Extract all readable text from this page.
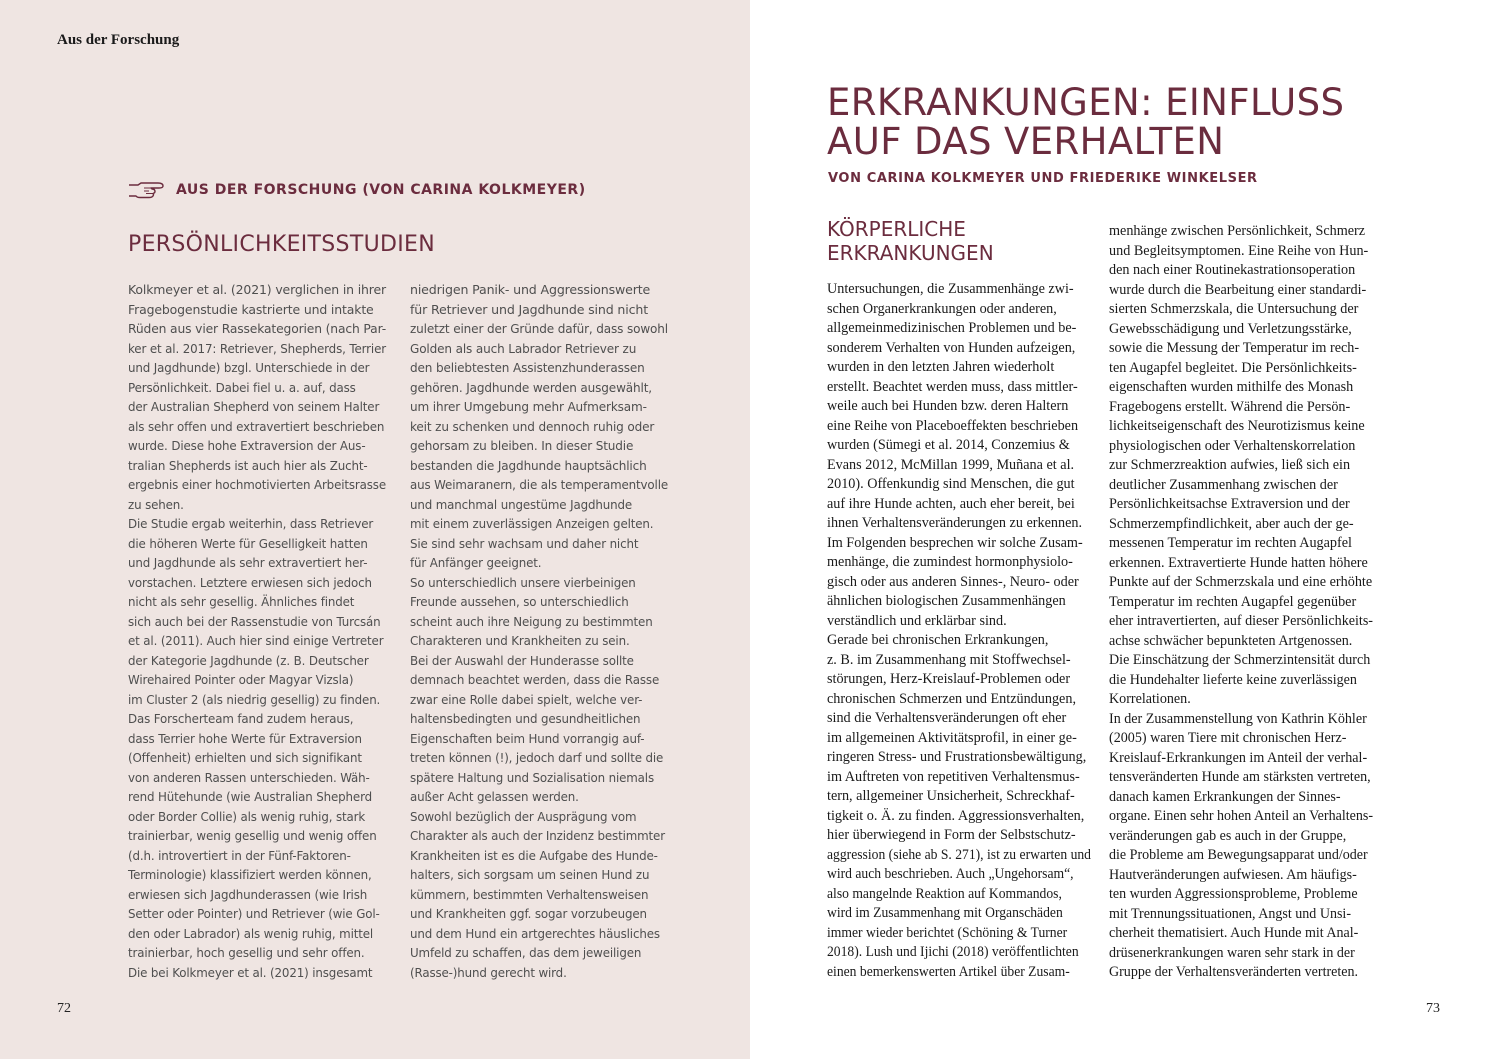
Aus der Forschung
AUS DER FORSCHUNG (VON CARINA KOLKMEYER)
PERSÖNLICHKEITSSTUDIEN
Kolkmeyer et al. (2021) verglichen in ihrer
Fragebogenstudie kastrierte und intakte
Rüden aus vier Rassekategorien (nach Par-
ker et al. 2017: Retriever, Shepherds, Terrier
und Jagdhunde) bzgl. Unterschiede in der
Persönlichkeit. Dabei fiel u. a. auf, dass
der Australian Shepherd von seinem Halter
als sehr offen und extravertiert beschrieben
wurde. Diese hohe Extraversion der Aus-
tralian Shepherds ist auch hier als Zucht-
ergebnis einer hochmotivierten Arbeitsrasse
zu sehen.
Die Studie ergab weiterhin, dass Retriever
die höheren Werte für Geselligkeit hatten
und Jagdhunde als sehr extravertiert her-
vorstachen. Letztere erwiesen sich jedoch
nicht als sehr gesellig. Ähnliches findet
sich auch bei der Rassenstudie von Turcsán
et al. (2011). Auch hier sind einige Vertreter
der Kategorie Jagdhunde (z. B. Deutscher
Wirehaired Pointer oder Magyar Vizsla)
im Cluster 2 (als niedrig gesellig) zu finden.
Das Forscherteam fand zudem heraus,
dass Terrier hohe Werte für Extraversion
(Offenheit) erhielten und sich signifikant
von anderen Rassen unterschieden. Wäh-
rend Hütehunde (wie Australian Shepherd
oder Border Collie) als wenig ruhig, stark
trainierbar, wenig gesellig und wenig offen
(d.h. introvertiert in der Fünf-Faktoren-
Terminologie) klassifiziert werden können,
erwiesen sich Jagdhunderassen (wie Irish
Setter oder Pointer) und Retriever (wie Gol-
den oder Labrador) als wenig ruhig, mittel
trainierbar, hoch gesellig und sehr offen.
Die bei Kolkmeyer et al. (2021) insgesamt
niedrigen Panik- und Aggressionswerte
für Retriever und Jagdhunde sind nicht
zuletzt einer der Gründe dafür, dass sowohl
Golden als auch Labrador Retriever zu
den beliebtesten Assistenzhunderassen
gehören. Jagdhunde werden ausgewählt,
um ihrer Umgebung mehr Aufmerksam-
keit zu schenken und dennoch ruhig oder
gehorsam zu bleiben. In dieser Studie
bestanden die Jagdhunde hauptsächlich
aus Weimaranern, die als temperamentvolle
und manchmal ungestüme Jagdhunde
mit einem zuverlässigen Anzeigen gelten.
Sie sind sehr wachsam und daher nicht
für Anfänger geeignet.
So unterschiedlich unsere vierbeinigen
Freunde aussehen, so unterschiedlich
scheint auch ihre Neigung zu bestimmten
Charakteren und Krankheiten zu sein.
Bei der Auswahl der Hunderasse sollte
demnach beachtet werden, dass die Rasse
zwar eine Rolle dabei spielt, welche ver-
haltensbedingten und gesundheitlichen
Eigenschaften beim Hund vorrangig auf-
treten können (!), jedoch darf und sollte die
spätere Haltung und Sozialisation niemals
außer Acht gelassen werden.
Sowohl bezüglich der Ausprägung vom
Charakter als auch der Inzidenz bestimmter
Krankheiten ist es die Aufgabe des Hunde-
halters, sich sorgsam um seinen Hund zu
kümmern, bestimmten Verhaltensweisen
und Krankheiten ggf. sogar vorzubeugen
und dem Hund ein artgerechtes häusliches
Umfeld zu schaffen, das dem jeweiligen
(Rasse-)hund gerecht wird.
72
ERKRANKUNGEN: EINFLUSS
AUF DAS VERHALTEN
VON CARINA KOLKMEYER UND FRIEDERIKE WINKELSER
KÖRPERLICHE
ERKRANKUNGEN
Untersuchungen, die Zusammenhänge zwi-
schen Organerkrankungen oder anderen,
allgemeinmedizinischen Problemen und be-
sonderem Verhalten von Hunden aufzeigen,
wurden in den letzten Jahren wiederholt
erstellt. Beachtet werden muss, dass mittler-
weile auch bei Hunden bzw. deren Haltern
eine Reihe von Placeboeffekten beschrieben
wurden (Sümegi et al. 2014, Conzemius &
Evans 2012, McMillan 1999, Muñana et al.
2010). Offenkundig sind Menschen, die gut
auf ihre Hunde achten, auch eher bereit, bei
ihnen Verhaltensveränderungen zu erkennen.
Im Folgenden besprechen wir solche Zusam-
menhänge, die zumindest hormonphysiolo-
gisch oder aus anderen Sinnes-, Neuro- oder
ähnlichen biologischen Zusammenhängen
verständlich und erklärbar sind.
Gerade bei chronischen Erkrankungen,
z. B. im Zusammenhang mit Stoffwechsel-
störungen, Herz-Kreislauf-Problemen oder
chronischen Schmerzen und Entzündungen,
sind die Verhaltensveränderungen oft eher
im allgemeinen Aktivitätsprofil, in einer ge-
ringeren Stress- und Frustrationsbewältigung,
im Auftreten von repetitiven Verhaltensmus-
tern, allgemeiner Unsicherheit, Schreckhaf-
tigkeit o. Ä. zu finden. Aggressionsverhalten,
hier überwiegend in Form der Selbstschutz-
aggression (siehe ab S. 271), ist zu erwarten und
wird auch beschrieben. Auch „Ungehorsam“,
also mangelnde Reaktion auf Kommandos,
wird im Zusammenhang mit Organschäden
immer wieder berichtet (Schöning & Turner
2018). Lush und Ijichi (2018) veröffentlichten
einen bemerkenswerten Artikel über Zusam-
menhänge zwischen Persönlichkeit, Schmerz
und Begleitsymptomen. Eine Reihe von Hun-
den nach einer Routinekastrationsoperation
wurde durch die Bearbeitung einer standardi-
sierten Schmerzskala, die Untersuchung der
Gewebsschädigung und Verletzungsstärke,
sowie die Messung der Temperatur im rech-
ten Augapfel begleitet. Die Persönlichkeits-
eigenschaften wurden mithilfe des Monash
Fragebogens erstellt. Während die Persön-
lichkeitseigenschaft des Neurotizismus keine
physiologischen oder Verhaltenskorrelation
zur Schmerzreaktion aufwies, ließ sich ein
deutlicher Zusammenhang zwischen der
Persönlichkeitsachse Extraversion und der
Schmerzempfindlichkeit, aber auch der ge-
messenen Temperatur im rechten Augapfel
erkennen. Extravertierte Hunde hatten höhere
Punkte auf der Schmerzskala und eine erhöhte
Temperatur im rechten Augapfel gegenüber
eher intravertierten, auf dieser Persönlichkeits-
achse schwächer bepunkteten Artgenossen.
Die Einschätzung der Schmerzintensität durch
die Hundehalter lieferte keine zuverlässigen
Korrelationen.
In der Zusammenstellung von Kathrin Köhler
(2005) waren Tiere mit chronischen Herz-
Kreislauf-Erkrankungen im Anteil der verhal-
tensveränderten Hunde am stärksten vertreten,
danach kamen Erkrankungen der Sinnes-
organe. Einen sehr hohen Anteil an Verhaltens-
veränderungen gab es auch in der Gruppe,
die Probleme am Bewegungsapparat und/oder
Hautveränderungen aufwiesen. Am häufigs-
ten wurden Aggressionsprobleme, Probleme
mit Trennungssituationen, Angst und Unsi-
cherheit thematisiert. Auch Hunde mit Anal-
drüsenerkrankungen waren sehr stark in der
Gruppe der Verhaltensveränderten vertreten.
73
